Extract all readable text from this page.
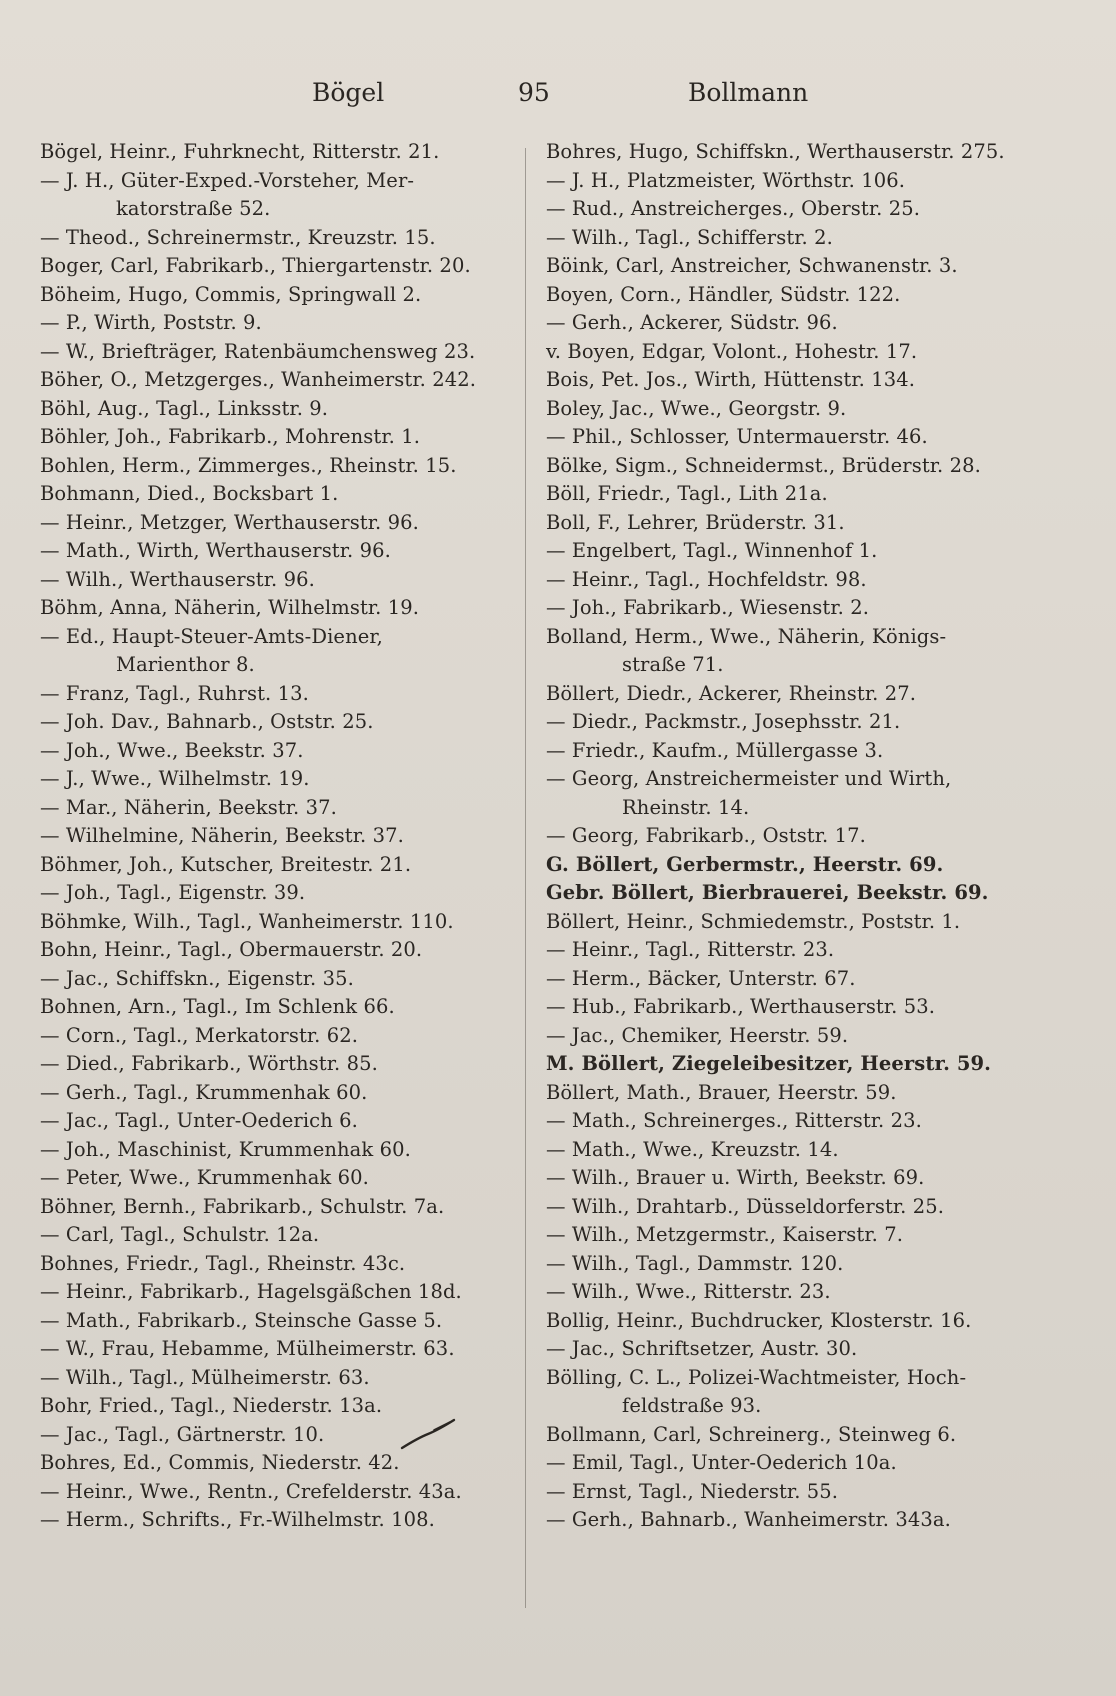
Bögel	95	Bollmann
Bögel, Heinr., Fuhrknecht, Ritterstr. 21.
— J. H., Güter-Exped.-Vorsteher, Mer-
katorstraße 52.
— Theod., Schreinermstr., Kreuzstr. 15.
Boger, Carl, Fabrikarb., Thiergartenstr. 20.
Böheim, Hugo, Commis, Springwall 2.
— P., Wirth, Poststr. 9.
— W., Briefträger, Ratenbäumchensweg 23.
Böher, O., Metzgerges., Wanheimerstr. 242.
Böhl, Aug., Tagl., Linksstr. 9.
Böhler, Joh., Fabrikarb., Mohrenstr. 1.
Bohlen, Herm., Zimmerges., Rheinstr. 15.
Bohmann, Died., Bocksbart 1.
— Heinr., Metzger, Werthauserstr. 96.
— Math., Wirth, Werthauserstr. 96.
— Wilh., Werthauserstr. 96.
Böhm, Anna, Näherin, Wilhelmstr. 19.
— Ed., Haupt-Steuer-Amts-Diener,
Marienthor 8.
— Franz, Tagl., Ruhrst. 13.
— Joh. Dav., Bahnarb., Oststr. 25.
— Joh., Wwe., Beekstr. 37.
— J., Wwe., Wilhelmstr. 19.
— Mar., Näherin, Beekstr. 37.
— Wilhelmine, Näherin, Beekstr. 37.
Böhmer, Joh., Kutscher, Breitestr. 21.
— Joh., Tagl., Eigenstr. 39.
Böhmke, Wilh., Tagl., Wanheimerstr. 110.
Bohn, Heinr., Tagl., Obermauerstr. 20.
— Jac., Schiffskn., Eigenstr. 35.
Bohnen, Arn., Tagl., Im Schlenk 66.
— Corn., Tagl., Merkatorstr. 62.
— Died., Fabrikarb., Wörthstr. 85.
— Gerh., Tagl., Krummenhak 60.
— Jac., Tagl., Unter-Oederich 6.
— Joh., Maschinist, Krummenhak 60.
— Peter, Wwe., Krummenhak 60.
Böhner, Bernh., Fabrikarb., Schulstr. 7a.
— Carl, Tagl., Schulstr. 12a.
Bohnes, Friedr., Tagl., Rheinstr. 43c.
— Heinr., Fabrikarb., Hagelsgäßchen 18d.
— Math., Fabrikarb., Steinsche Gasse 5.
— W., Frau, Hebamme, Mülheimerstr. 63.
— Wilh., Tagl., Mülheimerstr. 63.
Bohr, Fried., Tagl., Niederstr. 13a.
— Jac., Tagl., Gärtnerstr. 10.
Bohres, Ed., Commis, Niederstr. 42.
— Heinr., Wwe., Rentn., Crefelderstr. 43a.
— Herm., Schrifts., Fr.-Wilhelmstr. 108.
Bohres, Hugo, Schiffskn., Werthauserstr. 275.
— J. H., Platzmeister, Wörthstr. 106.
— Rud., Anstreicherges., Oberstr. 25.
— Wilh., Tagl., Schifferstr. 2.
Böink, Carl, Anstreicher, Schwanenstr. 3.
Boyen, Corn., Händler, Südstr. 122.
— Gerh., Ackerer, Südstr. 96.
v. Boyen, Edgar, Volont., Hohestr. 17.
Bois, Pet. Jos., Wirth, Hüttenstr. 134.
Boley, Jac., Wwe., Georgstr. 9.
— Phil., Schlosser, Untermauerstr. 46.
Bölke, Sigm., Schneidermst., Brüderstr. 28.
Böll, Friedr., Tagl., Lith 21a.
Boll, F., Lehrer, Brüderstr. 31.
— Engelbert, Tagl., Winnenhof 1.
— Heinr., Tagl., Hochfeldstr. 98.
— Joh., Fabrikarb., Wiesenstr. 2.
Bolland, Herm., Wwe., Näherin, Königs-
straße 71.
Böllert, Diedr., Ackerer, Rheinstr. 27.
— Diedr., Packmstr., Josephsstr. 21.
— Friedr., Kaufm., Müllergasse 3.
— Georg, Anstreichermeister und Wirth,
Rheinstr. 14.
— Georg, Fabrikarb., Oststr. 17.
G. Böllert, Gerbermstr., Heerstr. 69.
Gebr. Böllert, Bierbrauerei, Beekstr. 69.
Böllert, Heinr., Schmiedemstr., Poststr. 1.
— Heinr., Tagl., Ritterstr. 23.
— Herm., Bäcker, Unterstr. 67.
— Hub., Fabrikarb., Werthauserstr. 53.
— Jac., Chemiker, Heerstr. 59.
M. Böllert, Ziegeleibesitzer, Heerstr. 59.
Böllert, Math., Brauer, Heerstr. 59.
— Math., Schreinerges., Ritterstr. 23.
— Math., Wwe., Kreuzstr. 14.
— Wilh., Brauer u. Wirth, Beekstr. 69.
— Wilh., Drahtarb., Düsseldorferstr. 25.
— Wilh., Metzgermstr., Kaiserstr. 7.
— Wilh., Tagl., Dammstr. 120.
— Wilh., Wwe., Ritterstr. 23.
Bollig, Heinr., Buchdrucker, Klosterstr. 16.
— Jac., Schriftsetzer, Austr. 30.
Bölling, C. L., Polizei-Wachtmeister, Hoch-
feldstraße 93.
Bollmann, Carl, Schreinerg., Steinweg 6.
— Emil, Tagl., Unter-Oederich 10a.
— Ernst, Tagl., Niederstr. 55.
— Gerh., Bahnarb., Wanheimerstr. 343a.
